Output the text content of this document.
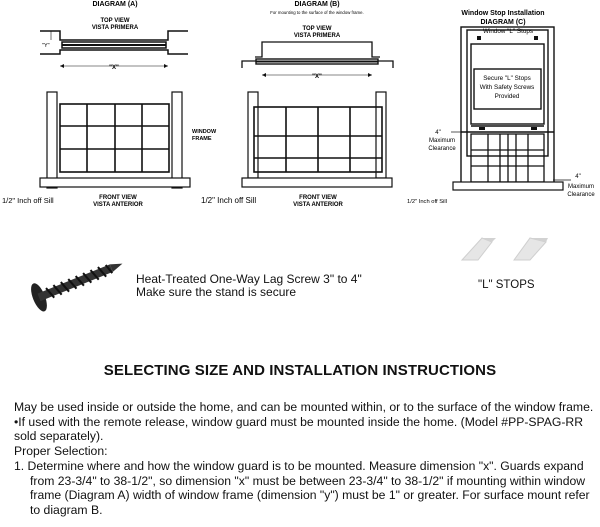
DIAGRAM (A)
TOP VIEW
VISTA PRIMERA
"Y"
"X"
WINDOW
FRAME
1/2" Inch off Sill	FRONT VIEW
VISTA ANTERIOR
DIAGRAM (B)
For mounting to the surface of the window frame.
TOP VIEW
VISTA PRIMERA
"X"
1/2" Inch off Sill	FRONT VIEW
VISTA ANTERIOR
Window Stop Installation
DIAGRAM (C)
Window "L" Stops
Secure "L" Stops
With Safety Screws
Provided
4"
Maximum
Clearance
4"
Maximum
Clearance
1/2" Inch off Sill
Heat-Treated One-Way Lag Screw 3" to 4"
Make sure the stand is secure	"L" STOPS
SELECTING SIZE AND INSTALLATION INSTRUCTIONS

May be used inside or outside the home, and can be mounted within, or to the surface of the window frame.

•If used with the remote release, window guard must be mounted inside the home. (Model #PP-SPAG-RR sold separately).

Proper Selection:

1. Determine where and how the window guard is to be mounted. Measure dimension "x". Guards expand from 23-3/4" to 38-1/2", so dimension "x" must be between 23-3/4" to 38-1/2" if mounting within window frame (Diagram A) width of window frame (dimension "y") must be 1" or greater. For surface mount refer to diagram B.
